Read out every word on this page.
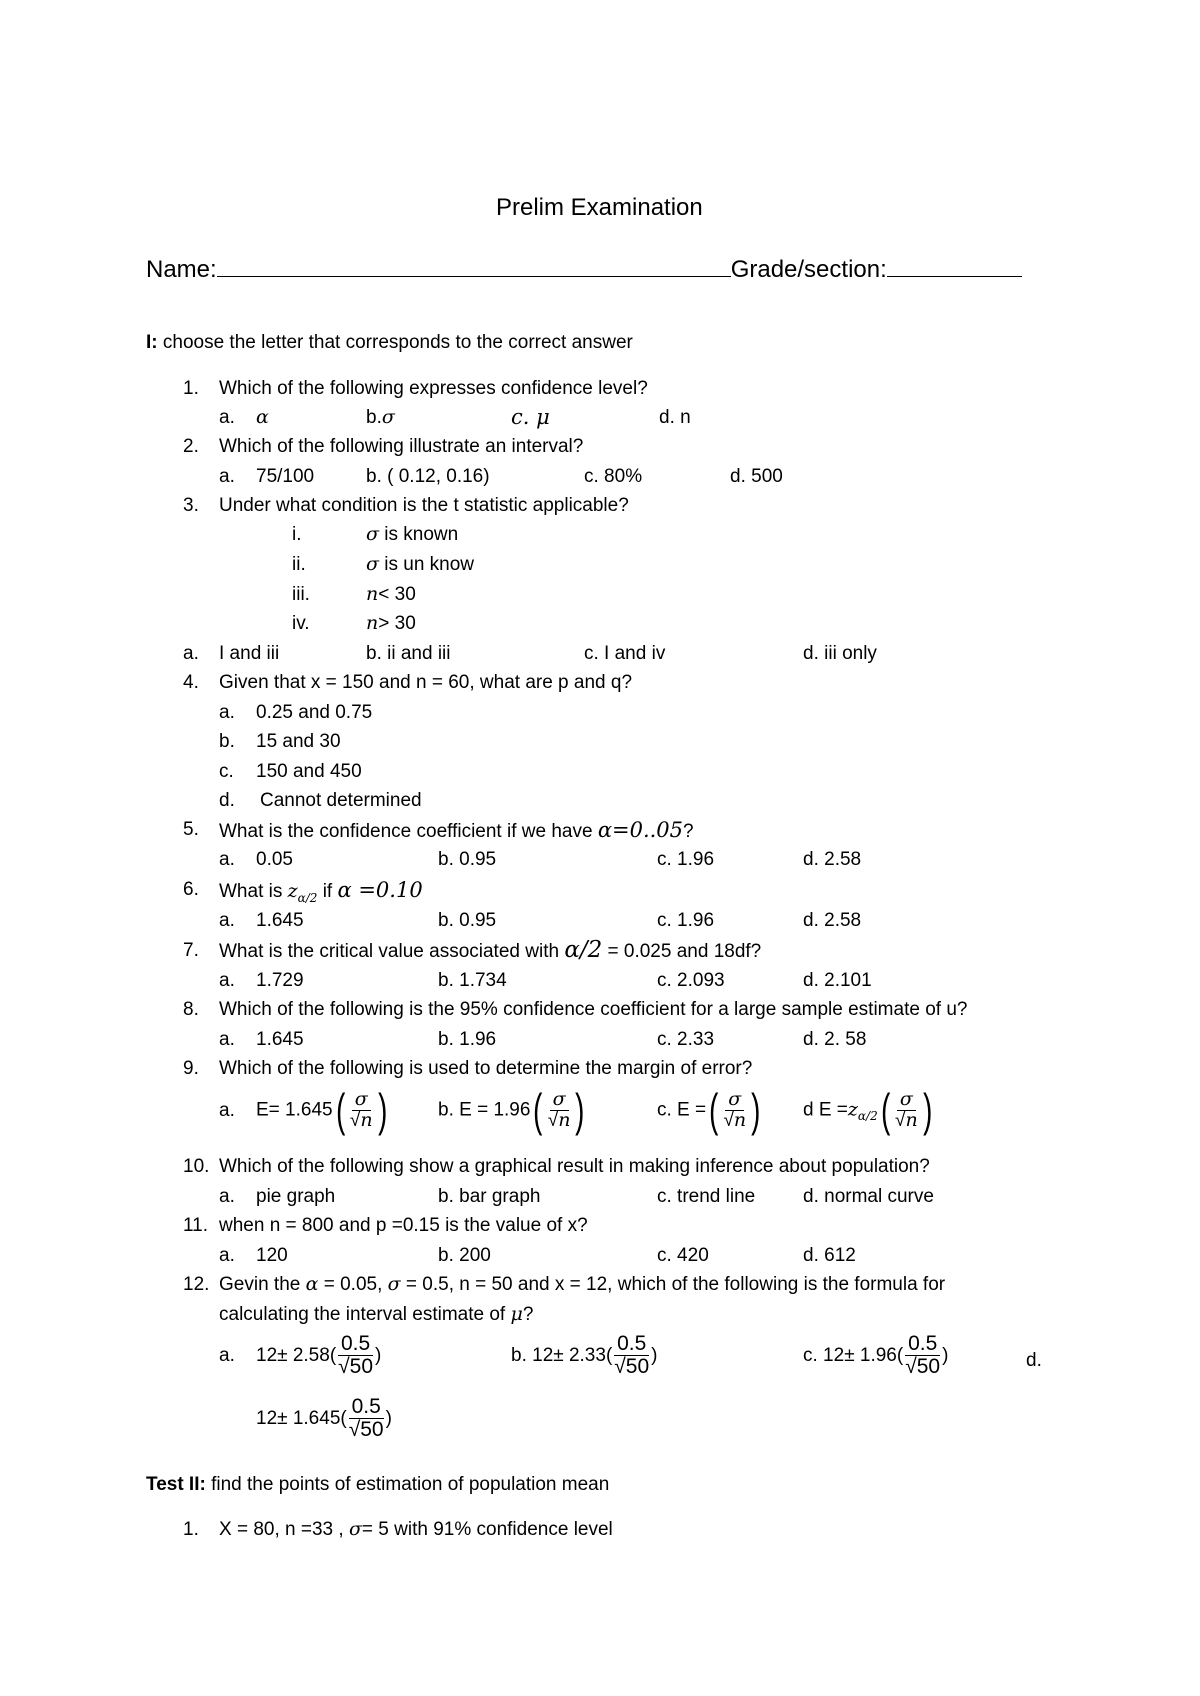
Prelim Examination
Name:	Grade/section:
I: choose the letter that corresponds to the correct answer
1. Which of the following expresses confidence level?
a. α	b.σ	c. μ	d. n
2. Which of the following illustrate an interval?
a. 75/100	b. ( 0.12, 0.16)	c. 80%	d. 500
3. Under what condition is the t statistic applicable?
i.	σ is known
ii.	σ is un know
iii.	n< 30
iv.	n> 30
a. I and iii	b. ii and iii	c. I and iv	d. iii only
4. Given that x = 150 and n = 60, what are p and q?
a. 0.25 and 0.75
b. 15 and 30
c. 150 and 450
d. Cannot determined
5. What is the confidence coefficient if we have α=0..05?
a. 0.05	b. 0.95	c. 1.96	d. 2.58
6. What is $z_{\alpha/2}$ if α =0.10
a. 1.645	b. 0.95	c. 1.96	d. 2.58
7. What is the critical value associated with α/2 = 0.025 and 18df?
a. 1.729	b. 1.734	c. 2.093	d. 2.101
8. Which of the following is the 95% confidence coefficient for a large sample estimate of u?
a. 1.645	b. 1.96	c. 2.33	d. 2. 58
9. Which of the following is used to determine the margin of error?
a. $E= 1.645( \frac{\sigma}{√n}$ )	b. $E = 1.96( \frac{\sigma}{√n}$ )	c. E =( $\frac{\sigma}{√n}$ ) d $E =z_{\alpha/2}( \frac{\sigma}{√n}$ )
10. Which of the following show a graphical result in making inference about population?
a. pie graph	b. bar graph	c. trend line	d. normal curve
11. when n = 800 and p =0.15 is the value of x?
a. 120	b. 200	c. 420	d. 612
12. Gevin the α = 0.05, σ = 0.5, n = 50 and x = 12, which of the following is the formula for
calculating the interval estimate of μ?
a. $12\pm 2.58( \frac{0.5}{√50}$ )	b. $12\pm 2.33( \frac{0.5}{√50}$ )	c. $12\pm 1.96( \frac{0.5}{√50}$ )	d.
$12\pm 1.645( \frac{0.5}{√50}$ )
Test II: find the points of estimation of population mean
1. X = 80, n =33 , σ= 5 with 91% confidence level
